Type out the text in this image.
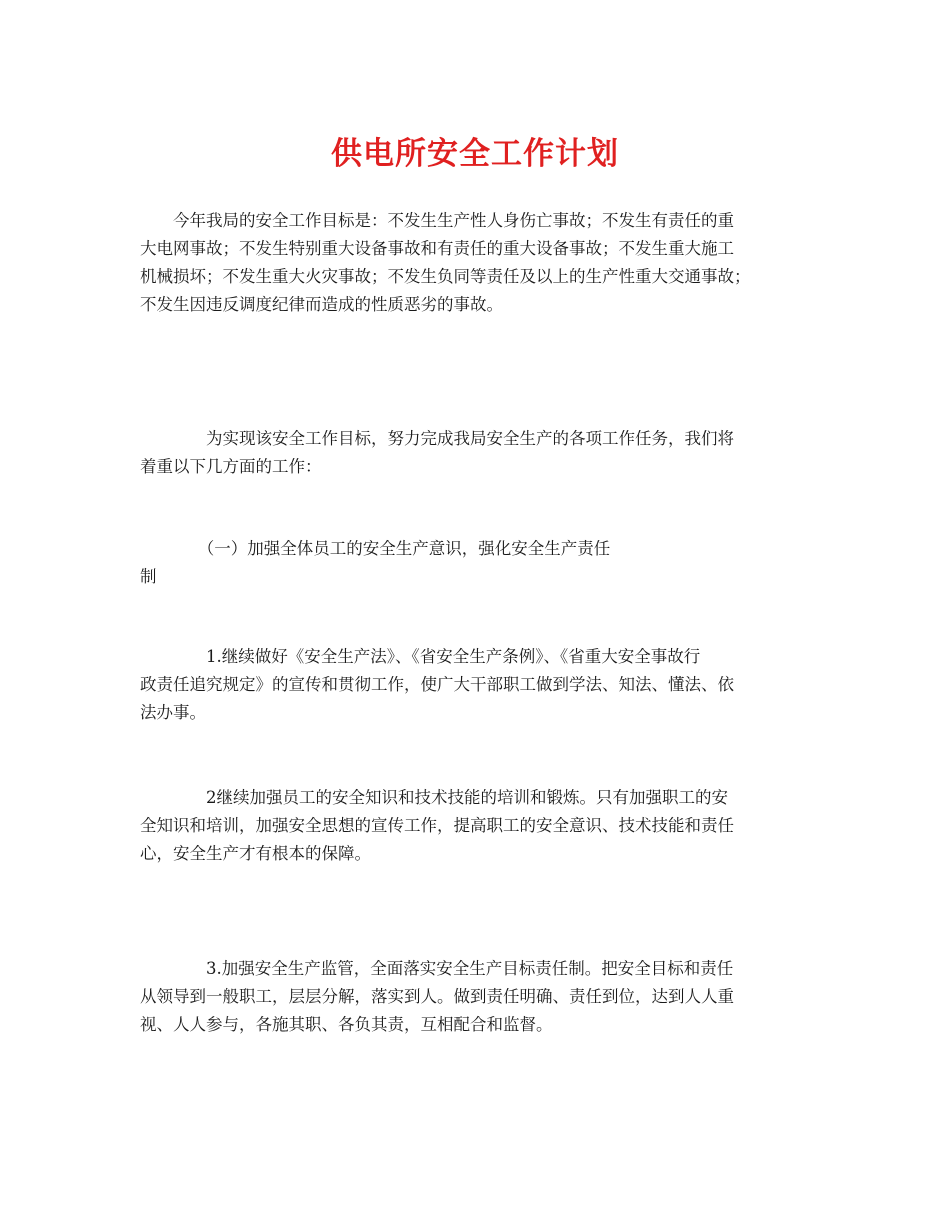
供电所安全工作计划

　　今年我局的安全工作目标是：不发生生产性人身伤亡事故；不发生有责任的重
大电网事故；不发生特别重大设备事故和有责任的重大设备事故；不发生重大施工
机械损坏；不发生重大火灾事故；不发生负同等责任及以上的生产性重大交通事故；
不发生因违反调度纪律而造成的性质恶劣的事故。

　　　　为实现该安全工作目标，努力完成我局安全生产的各项工作任务，我们将
着重以下几方面的工作：

　　　　（一）加强全体员工的安全生产意识，强化安全生产责任
制

　　　　1.继续做好《安全生产法》、《省安全生产条例》、《省重大安全事故行
政责任追究规定》的宣传和贯彻工作，使广大干部职工做到学法、知法、懂法、依
法办事。

　　　　2继续加强员工的安全知识和技术技能的培训和锻炼。只有加强职工的安
全知识和培训，加强安全思想的宣传工作，提高职工的安全意识、技术技能和责任
心，安全生产才有根本的保障。

　　　　3.加强安全生产监管，全面落实安全生产目标责任制。把安全目标和责任
从领导到一般职工，层层分解，落实到人。做到责任明确、责任到位，达到人人重
视、人人参与，各施其职、各负其责，互相配合和监督。
